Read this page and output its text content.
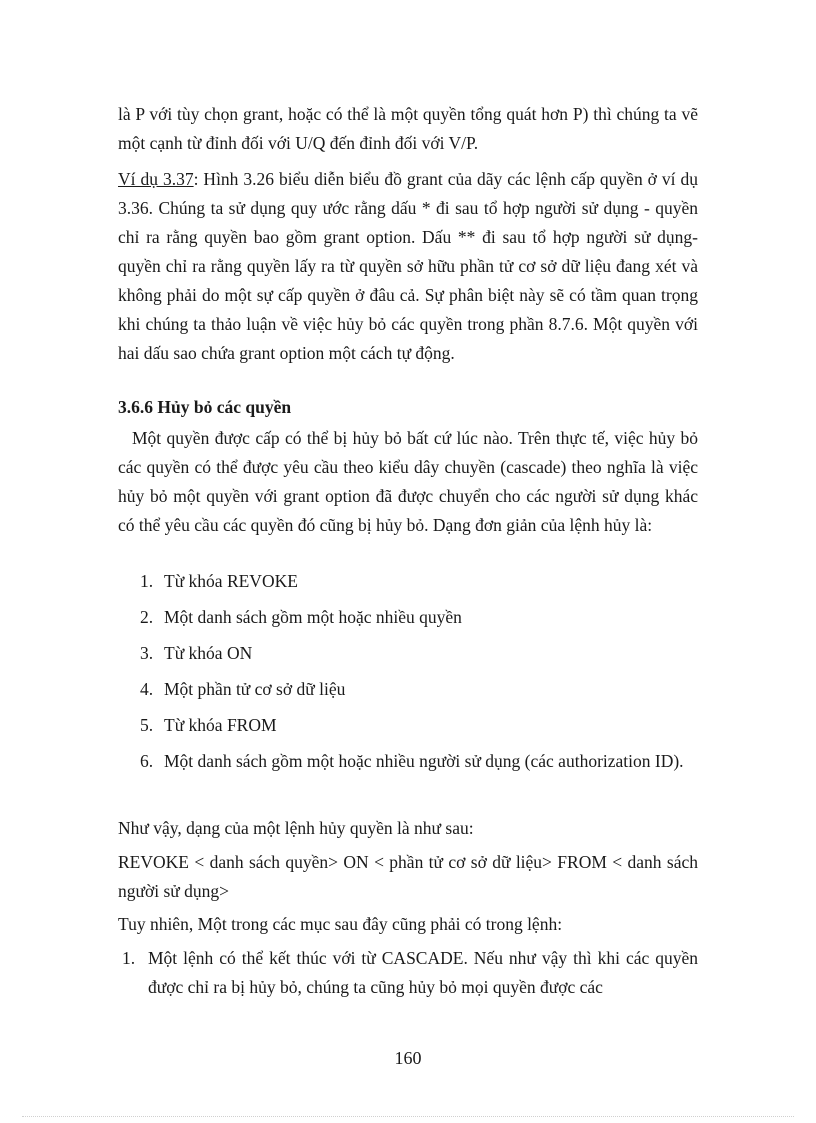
là P với tùy chọn grant, hoặc có thể là một quyền tổng quát hơn P) thì chúng ta vẽ một cạnh từ đỉnh đối với U/Q đến đỉnh đối với V/P.

Ví dụ 3.37: Hình 3.26 biểu diễn biểu đồ grant của dãy các lệnh cấp quyền ở ví dụ 3.36. Chúng ta sử dụng quy ước rằng dấu * đi sau tổ hợp người sử dụng - quyền chỉ ra rằng quyền bao gồm grant option. Dấu ** đi sau tổ hợp người sử dụng-quyền chỉ ra rằng quyền lấy ra từ quyền sở hữu phần tử cơ sở dữ liệu đang xét và không phải do một sự cấp quyền ở đâu cả. Sự phân biệt này sẽ có tầm quan trọng khi chúng ta thảo luận về việc hủy bỏ các quyền trong phần 8.7.6. Một quyền với hai dấu sao chứa grant option một cách tự động.

3.6.6 Hủy bỏ các quyền

Một quyền được cấp có thể bị hủy bỏ bất cứ lúc nào. Trên thực tế, việc hủy bỏ các quyền có thể được yêu cầu theo kiểu dây chuyền (cascade) theo nghĩa là việc hủy bỏ một quyền với grant option đã được chuyển cho các người sử dụng khác có thể yêu cầu các quyền đó cũng bị hủy bỏ. Dạng đơn giản của lệnh hủy là:

1. Từ khóa REVOKE
2. Một danh sách gồm một hoặc nhiều quyền
3. Từ khóa ON
4. Một phần tử cơ sở dữ liệu
5. Từ khóa FROM
6. Một danh sách gồm một hoặc nhiều người sử dụng (các authorization ID).

Như vậy, dạng của một lệnh hủy quyền là như sau:

REVOKE < danh sách quyền> ON < phần tử cơ sở dữ liệu> FROM < danh sách người sử dụng>

Tuy nhiên, Một trong các mục sau đây cũng phải có trong lệnh:

1. Một lệnh có thể kết thúc với từ CASCADE. Nếu như vậy thì khi các quyền được chỉ ra bị hủy bỏ, chúng ta cũng hủy bỏ mọi quyền được các
160
